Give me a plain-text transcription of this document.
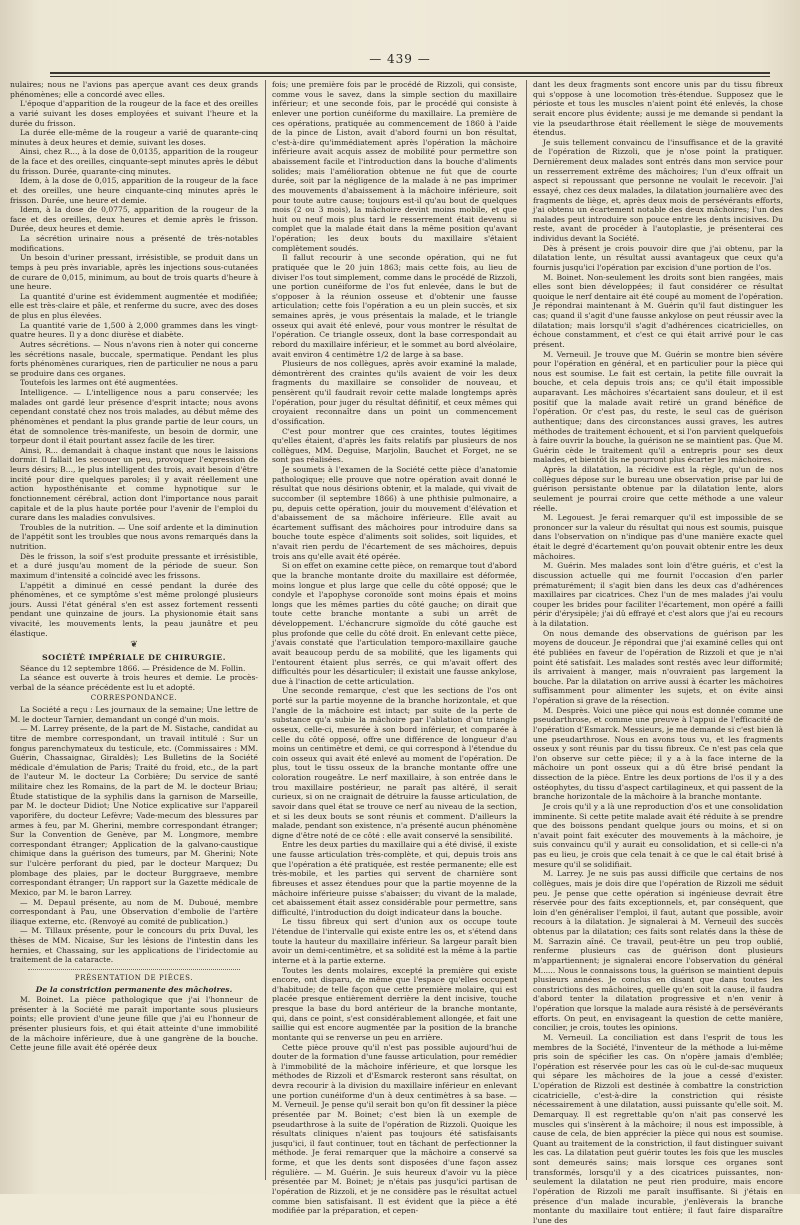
— 439 —

nulaires; nous ne l'avions pas aperçue avant ces deux grands phénomènes; elle a concordé avec elles.

L'époque d'apparition de la rougeur de la face et des oreilles a varié suivant les doses employées et suivant l'heure et la durée du frisson.

La durée elle-même de la rougeur a varié de quarante-cinq minutes à deux heures et demie, suivant les doses.

Ainsi, chez R..., à la dose de 0,0135, apparition de la rougeur de la face et des oreilles, cinquante-sept minutes après le début du frisson. Durée, quarante-cinq minutes.

Idem, à la dose de 0,015, apparition de la rougeur de la face et des oreilles, une heure cinquante-cinq minutes après le frisson. Durée, une heure et demie.

Idem, à la dose de 0,0775, apparition de la rougeur de la face et des oreilles, deux heures et demie après le frisson. Durée, deux heures et demie.

La sécrétion urinaire nous a présenté de très-notables modifications.

Un besoin d'uriner pressant, irrésistible, se produit dans un temps à peu près invariable, après les injections sous-cutanées de curare de 0,015, minimum, au bout de trois quarts d'heure à une heure.

La quantité d'urine est évidemment augmentée et modifiée; elle est très-claire et pâle, et renferme du sucre, avec des doses de plus en plus élevées.

La quantité varie de 1,500 à 2,000 grammes dans les vingt-quatre heures. Il y a donc diurèse et diabète.

Autres sécrétions. — Nous n'avons rien à noter qui concerne les sécrétions nasale, buccale, spermatique. Pendant les plus forts phénomènes curariques, rien de particulier ne nous a paru se produire dans ces organes.

Toutefois les larmes ont été augmentées.

Intelligence. — L'intelligence nous a paru conservée; les malades ont gardé leur présence d'esprit intacte; nous avons cependant constaté chez nos trois malades, au début même des phénomènes et pendant la plus grande partie de leur cours, un état de somnolence très-manifeste, un besoin de dormir, une torpeur dont il était pourtant assez facile de les tirer.

Ainsi, R... demandait à chaque instant que nous le laissions dormir. Il fallait les secouer un peu, provoquer l'expression de leurs désirs; B..., le plus intelligent des trois, avait besoin d'être incité pour dire quelques paroles; il y avait réellement une action hyposthénisante et comme hypnotique sur le fonctionnement cérébral, action dont l'importance nous parait capitale et de la plus haute portée pour l'avenir de l'emploi du curare dans les maladies convulsives.

Troubles de la nutrition. — Une soif ardente et la diminution de l'appétit sont les troubles que nous avons remarqués dans la nutrition.

Dès le frisson, la soif s'est produite pressante et irrésistible, et a duré jusqu'au moment de la période de sueur. Son maximum d'intensité a coïncidé avec les frissons.

L'appétit a diminué en cessé pendant la durée des phénomènes, et ce symptôme s'est même prolongé plusieurs jours. Aussi l'état général s'en est assez fortement ressenti pendant une quinzaine de jours. La physionomie était sans vivacité, les mouvements lents, la peau jaunâtre et peu élastique.

❦
SOCIÉTÉ IMPÉRIALE DE CHIRURGIE.

Séance du 12 septembre 1866. — Présidence de M. Follin.

La séance est ouverte à trois heures et demie. Le procès-verbal de la séance précédente est lu et adopté.

CORRESPONDANCE.

La Société a reçu : Les journaux de la semaine; Une lettre de M. le docteur Tarnier, demandant un congé d'un mois.

— M. Larrey présente, de la part de M. Sistache, candidat au titre de membre correspondant, un travail intitulé : Sur un fongus parenchymateux du testicule, etc. (Commissaires : MM. Guérin, Chassaignac, Giraldès); Les Bulletins de la Société médicale d'émulation de Paris; Traité du froid, etc., de la part de l'auteur M. le docteur La Corbière; Du service de santé militaire chez les Romains, de la part de M. le docteur Briau; Étude statistique de la syphilis dans la garnison de Marseille, par M. le docteur Didiot; Une Notice explicative sur l'appareil vaporifère, du docteur Lefèvre; Vade-mecum des blessures par armes à feu, par M. Gherini, membre correspondant étranger; Sur la Convention de Genève, par M. Longmore, membre correspondant étranger; Application de la galvano-caustique chimique dans la guérison des tumeurs, par M. Gherini; Note sur l'ulcère perforant du pied, par le docteur Marquez; Du plombage des plaies, par le docteur Burggraeve, membre correspondant étranger; Un rapport sur la Gazette médicale de Mexico, par M. le baron Larrey.

— M. Depaul présente, au nom de M. Duboué, membre correspondant à Pau, une Observation d'embolie de l'artère iliaque externe, etc. (Renvoyé au comité de publication.)

— M. Tillaux présente, pour le concours du prix Duval, les thèses de MM. Nicaise, Sur les lésions de l'intestin dans les hernies, et Chassaing, sur les applications de l'iridectomie au traitement de la cataracte.

PRÉSENTATION DE PIÈCES.
De la constriction permanente des mâchoires.

M. Boinet. La pièce pathologique que j'ai l'honneur de présenter à la Société me paraît importante sous plusieurs points; elle provient d'une jeune fille que j'ai eu l'honneur de présenter plusieurs fois, et qui était atteinte d'une immobilité de la mâchoire inférieure, due à une gangrène de la bouche. Cette jeune fille avait été opérée deux

fois; une première fois par le procédé de Rizzoli, qui consiste, comme vous le savez, dans la simple section du maxillaire inférieur; et une seconde fois, par le procédé qui consiste à enlever une portion cunéiforme du maxillaire. La première de ces opérations, pratiquée au commencement de 1860 à l'aide de la pince de Liston, avait d'abord fourni un bon résultat, c'est-à-dire qu'immédiatement après l'opération la mâchoire inférieure avait acquis assez de mobilité pour permettre son abaissement facile et l'introduction dans la bouche d'aliments solides; mais l'amélioration obtenue ne fut que de courte durée, soit par la négligence de la malade à ne pas imprimer des mouvements d'abaissement à la mâchoire inférieure, soit pour toute autre cause; toujours est-il qu'au bout de quelques mois (2 ou 3 mois), la mâchoire devint moins mobile, et que huit ou neuf mois plus tard le resserrement était devenu si complet que la malade était dans la même position qu'avant l'opération; les deux bouts du maxillaire s'étaient complètement soudés.

Il fallut recourir à une seconde opération, qui ne fut pratiquée que le 20 juin 1863; mais cette fois, au lieu de diviser l'os tout simplement, comme dans le procédé de Rizzoli, une portion cunéiforme de l'os fut enlevée, dans le but de s'opposer à la réunion osseuse et d'obtenir une fausse articulation; cette fois l'opération a eu un plein succès, et six semaines après, je vous présentais la malade, et le triangle osseux qui avait été enlevé, pour vous montrer le résultat de l'opération. Ce triangle osseux, dont la base correspondait au rebord du maxillaire inférieur, et le sommet au bord alvéolaire, avait environ 4 centimètre 1/2 de large à sa base.

Plusieurs de nos collègues, après avoir examiné la malade, démontrèrent des craintes qu'ils avaient de voir les deux fragments du maxillaire se consolider de nouveau, et pensèrent qu'il faudrait revoir cette malade longtemps après l'opération, pour juger du résultat définitif, et ceux mêmes qui croyaient reconnaître dans un point un commencement d'ossification.

C'est pour montrer que ces craintes, toutes légitimes qu'elles étaient, d'après les faits relatifs par plusieurs de nos collègues, MM. Deguise, Marjolin, Bauchet et Forget, ne se sont pas réalisées.

Je soumets à l'examen de la Société cette pièce d'anatomie pathologique; elle prouve que notre opération avait donné le résultat que nous désirions obtenir, et la malade, qui vivait de succomber (il septembre 1866) à une phthisie pulmonaire, a pu, depuis cette opération, jouir du mouvement d'élévation et d'abaissement de sa mâchoire inférieure. Elle avait au écartement suffisant des mâchoires pour introduire dans sa bouche toute espèce d'aliments soit solides, soit liquides, et n'avait rien perdu de l'écartement de ses mâchoires, depuis trois ans qu'elle avait été opérée.

Si on effet on examine cette pièce, on remarque tout d'abord que la branche montante droite du maxillaire est déformée, moins longue et plus large que celle du côté opposé; que le condyle et l'apophyse coronoïde sont moins épais et moins longs que les mêmes parties du côté gauche; on dirait que toute cette branche montante a subi un arrêt de développement. L'échancrure sigmoïde du côté gauche est plus profonde que celle du côté droit. En enlevant cette pièce, j'avais constaté que l'articulation temporo-maxillaire gauche avait beaucoup perdu de sa mobilité, que les ligaments qui l'entourent étaient plus serrés, ce qui m'avait offert des difficultés pour les désarticuler; il existait une fausse ankylose, due à l'inaction de cette articulation.

Une seconde remarque, c'est que les sections de l'os ont porté sur la partie moyenne de la branche horizontale, et que l'angle de la mâchoire est intact; par suite de la perte de substance qu'a subie la mâchoire par l'ablation d'un triangle osseux, celle-ci, mesurée à son bord inférieur, et comparée à celle du côté opposé, offre une différence de longueur d'au moins un centimètre et demi, ce qui correspond à l'étendue du coin osseux qui avait été enlevé au moment de l'opération. De plus, tout le tissu osseux de la branche montante offre une coloration rougeâtre. Le nerf maxillaire, à son entrée dans le trou maxillaire postérieur, ne paraît pas altéré, il serait curieux, si on ne craignait de détruire la fausse articulation, de savoir dans quel état se trouve ce nerf au niveau de la section, et si les deux bouts se sont réunis et comment. D'ailleurs la malade, pendant son existence, n'a présenté aucun phénomène digne d'être noté de ce côté : elle avait conservé la sensibilité.

Entre les deux parties du maxillaire qui a été divisé, il existe une fausse articulation très-complète, et qui, depuis trois ans que l'opération a été pratiquée, est restée permanente; elle est très-mobile, et les parties qui servent de charnière sont fibreuses et assez étendues pour que la partie moyenne de la mâchoire inférieure puisse s'abaisser; du vivant de la malade, cet abaissement était assez considérable pour permettre, sans difficulté, l'introduction du doigt indicateur dans la bouche.

Le tissu fibreux qui sert d'union aux os occupe toute l'étendue de l'intervalle qui existe entre les os, et s'étend dans toute la hauteur du maxillaire inférieur. Sa largeur paraît bien avoir un demi-centimètre, et sa solidité est la même à la partie interne et à la partie externe.

Toutes les dents molaires, excepté la première qui existe encore, ont disparu, de même que l'espace qu'elles occupent d'habitude; de telle façon que cette première molaire, qui est placée presque entièrement derrière la dent incisive, touche presque la base du bord antérieur de la branche montante, qui, dans ce point, s'est considérablement allongée, et fait une saillie qui est encore augmentée par la position de la branche montante qui se renverse un peu en arrière.

Cette pièce prouve qu'il n'est pas possible aujourd'hui de douter de la formation d'une fausse articulation, pour remédier à l'immobilité de la mâchoire inférieure, et que lorsque les méthodes de Rizzoli et d'Esmarck resteront sans résultat, on devra recourir à la division du maxillaire inférieur en enlevant une portion cunéiforme d'un à deux centimètres à sa base. — M. Verneuil. Je pense qu'il serait bon qu'on fît dessiner la pièce présentée par M. Boinet; c'est bien là un exemple de pseudarthrose à la suite de l'opération de Rizzoli. Quoique les résultats cliniques n'aient pas toujours été satisfaisants jusqu'ici, il faut continuer, tout en tâchant de perfectionner la méthode. Je ferai remarquer que la mâchoire a conservé sa forme, et que les dents sont disposées d'une façon assez régulière. — M. Guérin. Je suis heureux d'avoir vu la pièce présentée par M. Boinet; je n'étais pas jusqu'ici partisan de l'opération de Rizzoli, et je ne considère pas le résultat actuel comme bien satisfaisant. Il est évident que la pièce a été modifiée par la préparation, et cepen-

dant les deux fragments sont encore unis par du tissu fibreux qui s'oppose à une locomotion très-étendue. Supposez que le périoste et tous les muscles n'aient point été enlevés, la chose serait encore plus évidente; aussi je me demande si pendant la vie la pseudarthrose était réellement le siège de mouvements étendus.

Je suis tellement convaincu de l'insuffisance et de la gravité de l'opération de Rizzoli, que je n'ose point la pratiquer. Dernièrement deux malades sont entrés dans mon service pour un resserrement extrême des mâchoires; l'un d'eux offrait un aspect si repoussant que personne ne voulait le recevoir. J'ai essayé, chez ces deux malades, la dilatation journalière avec des fragments de liège, et, après deux mois de persévérants efforts, j'ai obtenu un écartement notable des deux mâchoires; l'un des malades peut introduire son pouce entre les dents incisives. Du reste, avant de procéder à l'autoplastie, je présenterai ces individus devant la Société.

Dès à présent je crois pouvoir dire que j'ai obtenu, par la dilatation lente, un résultat aussi avantageux que ceux qu'a fournis jusqu'ici l'opération par excision d'une portion de l'os.

M. Boinet. Non-seulement les droits sont bien rangées, mais elles sont bien développées; il faut considérer ce résultat quoique le nerf dentaire ait été coupé au moment de l'opération. Je répondrai maintenant à M. Guérin qu'il faut distinguer les cas; quand il s'agit d'une fausse ankylose on peut réussir avec la dilatation; mais lorsqu'il s'agit d'adhérences cicatricielles, on échoue constamment, et c'est ce qui était arrivé pour le cas présent.

M. Verneuil. Je trouve que M. Guérin se montre bien sévère pour l'opération en général, et en particulier pour la pièce qui nous est soumise. Le fait est certain, la petite fille ouvrait la bouche, et cela depuis trois ans; ce qu'il était impossible auparavant. Les mâchoires s'écartaient sans douleur, et il est positif que la malade avait retiré un grand bénéfice de l'opération. Or c'est pas, du reste, le seul cas de guérison authentique; dans des circonstances aussi graves, les autres méthodes de traitement échouent, et si l'on parvient quelquefois à faire ouvrir la bouche, la guérison ne se maintient pas. Que M. Guérin cède le traitement qu'il a entrepris pour ses deux malades, et bientôt ils ne pourront plus écarter les mâchoires.

Après la dilatation, la récidive est la règle, qu'un de nos collègues dépose sur le bureau une observation prise par lui de guérison persistante obtenue par la dilatation lente, alors seulement je pourrai croire que cette méthode a une valeur réelle.

M. Legouest. Je ferai remarquer qu'il est impossible de se prononcer sur la valeur du résultat qui nous est soumis, puisque dans l'observation on n'indique pas d'une manière exacte quel était le degré d'écartement qu'on pouvait obtenir entre les deux mâchoires.

M. Guérin. Mes malades sont loin d'être guéris, et c'est la discussion actuelle qui me fournit l'occasion d'en parler prématurément; il s'agit bien dans les deux cas d'adhérences maxillaires par cicatrices. Chez l'un de mes malades j'ai voulu couper les brides pour faciliter l'écartement, mon opéré a failli périr d'érysipèle; j'ai dû effrayé et c'est alors que j'ai eu recours à la dilatation.

On nous demande des observations de guérison par les moyens de douceur. Je répondrai que j'ai examiné celles qui ont été publiées en faveur de l'opération de Rizzoli et que je n'ai point été satisfait. Les malades sont restés avec leur difformité; ils arrivaient à manger, mais n'ouvraient pas largement la bouche. Par la dilatation on arrive aussi à écarter les mâchoires suffisamment pour alimenter les sujets, et on évite ainsi l'opération si grave de la résection.

M. Desprès. Voici une pièce qui nous est donnée comme une pseudarthrose, et comme une preuve à l'appui de l'efficacité de l'opération d'Esmarck. Messieurs, je me demande si c'est bien là une pseudarthrose. Nous en avons tous vu, et les fragments osseux y sont réunis par du tissu fibreux. Ce n'est pas cela que l'on observe sur cette pièce; il y a à la face interne de la mâchoire un pont osseux qui a dû être brisé pendant la dissection de la pièce. Entre les deux portions de l'os il y a des ostéophytes, du tissu d'aspect cartilagineux, et qui passent de la branche horizontale de la mâchoire à la branche montante.

Je crois qu'il y a là une reproduction d'os et une consolidation imminente. Si cette petite malade avait été réduite à se prendre que des boissons pendant quelque jours ou moins, et si on n'avait point fait exécuter des mouvements à la mâchoire, je suis convaincu qu'il y aurait eu consolidation, et si celle-ci n'a pas eu lieu, je crois que cela tenait à ce que le cal était brisé à mesure qu'il se solidifiait.

M. Larrey. Je ne suis pas aussi difficile que certains de nos collègues, mais je dois dire que l'opération de Rizzoli me séduit peu. Je pense que cette opération si ingénieuse devrait être réservée pour des faits exceptionnels, et, par conséquent, que loin d'en généraliser l'emploi, il faut, autant que possible, avoir recours à la dilatation. Je signalerai à M. Verneuil des succès obtenus par la dilatation; ces faits sont relatés dans la thèse de M. Sarrazin aîné. Ce travail, peut-être un peu trop oublié, renferme plusieurs cas de guérison dont plusieurs m'appartiennent; je signalerai encore l'observation du général M...... Nous le connaissons tous, la guérison se maintient depuis plusieurs années. Je conclus en disant que dans toutes les constrictions des mâchoires, quelle qu'en soit la cause, il faudra d'abord tenter la dilatation progressive et n'en venir à l'opération que lorsque la malade aura résisté à de persévérants efforts. On peut, en envisageant la question de cette manière, concilier, je crois, toutes les opinions.

M. Verneuil. La conciliation est dans l'esprit de tous les membres de la Société, l'inventeur de la méthode a lui-même pris soin de spécifier les cas. On n'opère jamais d'emblée; l'opération est réservée pour les cas où le cul-de-sac muqueux qui sépare les mâchoires de la joue a cessé d'exister. L'opération de Rizzoli est destinée à combattre la constriction cicatricielle, c'est-à-dire la constriction qui résiste nécessairement à une dilatation, aussi puissante qu'elle soit. M. Demarquay. Il est regrettable qu'on n'ait pas conservé les muscles qui s'insèrent à la mâchoire; il nous est impossible, à cause de cela, de bien apprécier la pièce qui nous est soumise. Quant au traitement de la constriction, il faut distinguer suivant les cas. La dilatation peut guérir toutes les fois que les muscles sont demeurés sains; mais lorsque ces organes sont transformés, lorsqu'il y a des cicatrices puissantes, non-seulement la dilatation ne peut rien produire, mais encore l'opération de Rizzoli me paraît insuffisante. Si j'étais en présence d'un malade incurable, j'enlèverais la branche montante du maxillaire tout entière; il faut faire disparaître l'une des
